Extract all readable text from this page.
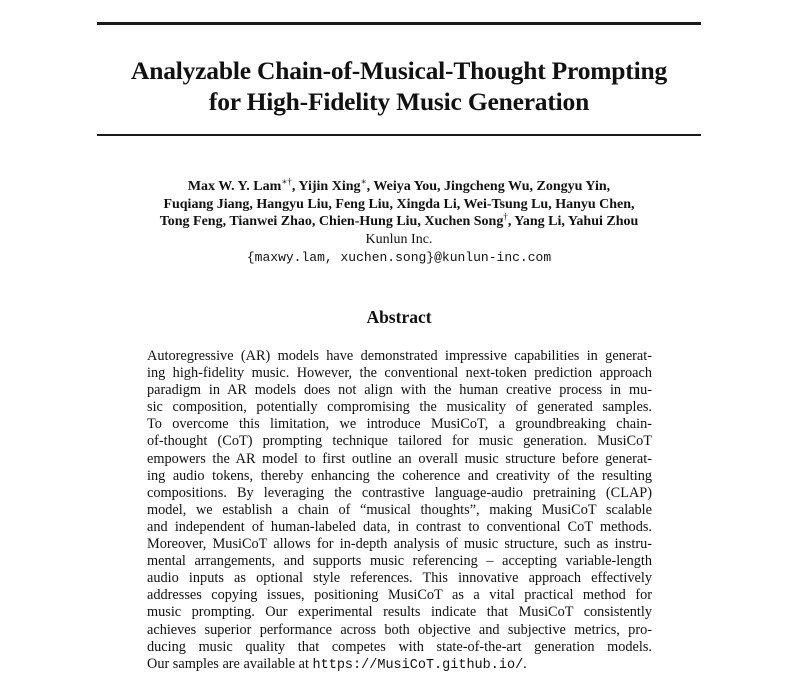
Analyzable Chain-of-Musical-Thought Prompting
for High-Fidelity Music Generation
Max W. Y. Lam∗†, Yijin Xing∗, Weiya You, Jingcheng Wu, Zongyu Yin,
Fuqiang Jiang, Hangyu Liu, Feng Liu, Xingda Li, Wei-Tsung Lu, Hanyu Chen,
Tong Feng, Tianwei Zhao, Chien-Hung Liu, Xuchen Song†, Yang Li, Yahui Zhou
Kunlun Inc.
{maxwy.lam, xuchen.song}@kunlun-inc.com
Abstract
Autoregressive (AR) models have demonstrated impressive capabilities in generat-
ing high-fidelity music. However, the conventional next-token prediction approach
paradigm in AR models does not align with the human creative process in mu-
sic composition, potentially compromising the musicality of generated samples.
To overcome this limitation, we introduce MusiCoT, a groundbreaking chain-
of-thought (CoT) prompting technique tailored for music generation. MusiCoT
empowers the AR model to first outline an overall music structure before generat-
ing audio tokens, thereby enhancing the coherence and creativity of the resulting
compositions. By leveraging the contrastive language-audio pretraining (CLAP)
model, we establish a chain of “musical thoughts”, making MusiCoT scalable
and independent of human-labeled data, in contrast to conventional CoT methods.
Moreover, MusiCoT allows for in-depth analysis of music structure, such as instru-
mental arrangements, and supports music referencing – accepting variable-length
audio inputs as optional style references. This innovative approach effectively
addresses copying issues, positioning MusiCoT as a vital practical method for
music prompting. Our experimental results indicate that MusiCoT consistently
achieves superior performance across both objective and subjective metrics, pro-
ducing music quality that competes with state-of-the-art generation models.
Our samples are available at https://MusiCoT.github.io/.
